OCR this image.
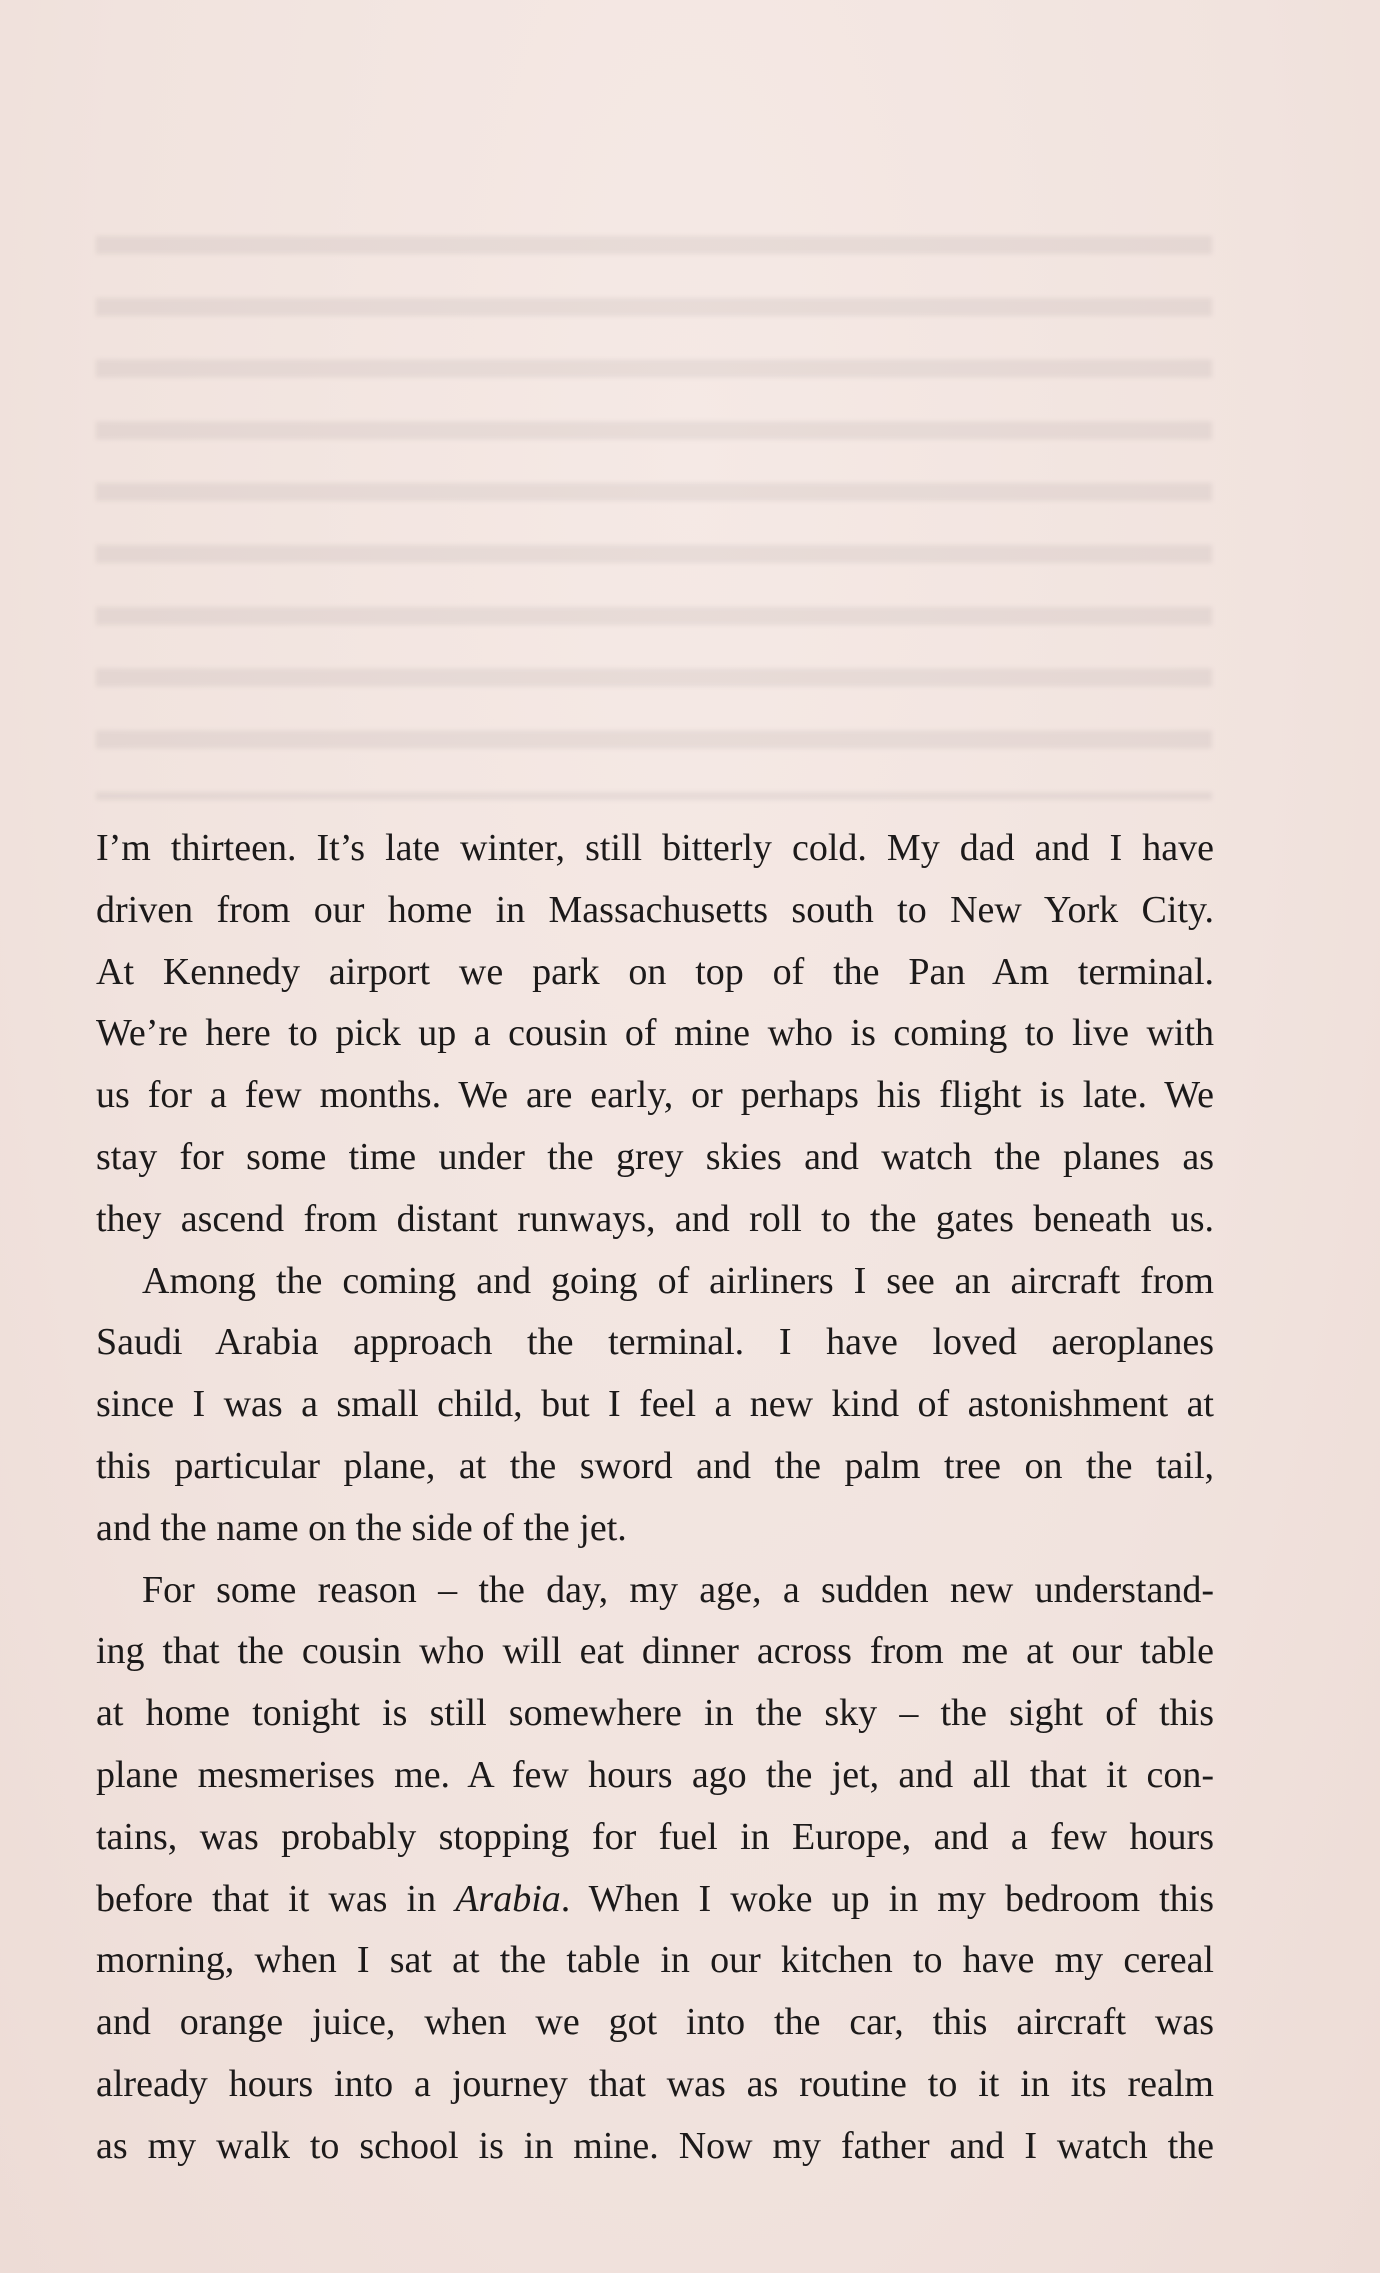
I’m thirteen. It’s late winter, still bitterly cold. My dad and I have
driven from our home in Massachusetts south to New York City.
At Kennedy airport we park on top of the Pan Am terminal.
We’re here to pick up a cousin of mine who is coming to live with
us for a few months. We are early, or perhaps his flight is late. We
stay for some time under the grey skies and watch the planes as
they ascend from distant runways, and roll to the gates beneath us.
Among the coming and going of airliners I see an aircraft from
Saudi Arabia approach the terminal. I have loved aeroplanes
since I was a small child, but I feel a new kind of astonishment at
this particular plane, at the sword and the palm tree on the tail,
and the name on the side of the jet.
For some reason – the day, my age, a sudden new understand-
ing that the cousin who will eat dinner across from me at our table
at home tonight is still somewhere in the sky – the sight of this
plane mesmerises me. A few hours ago the jet, and all that it con-
tains, was probably stopping for fuel in Europe, and a few hours
before that it was in Arabia. When I woke up in my bedroom this
morning, when I sat at the table in our kitchen to have my cereal
and orange juice, when we got into the car, this aircraft was
already hours into a journey that was as routine to it in its realm
as my walk to school is in mine. Now my father and I watch the
